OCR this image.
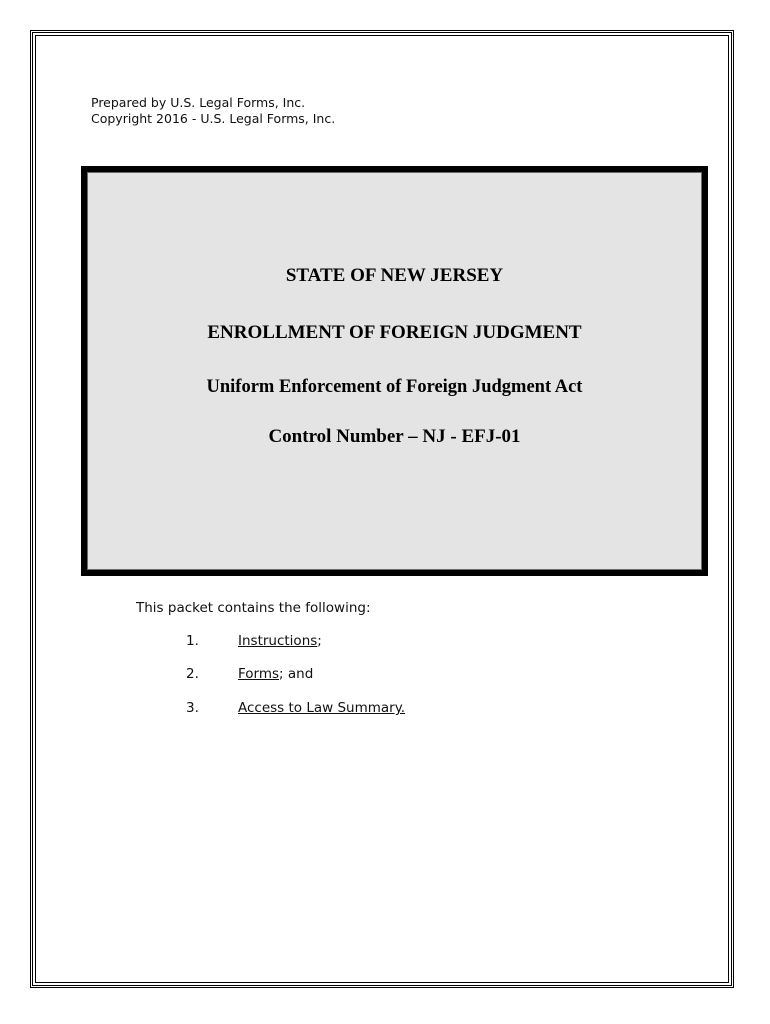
Prepared by U.S. Legal Forms, Inc.
Copyright 2016 - U.S. Legal Forms, Inc.
STATE OF NEW JERSEY
ENROLLMENT OF FOREIGN JUDGMENT
Uniform Enforcement of Foreign Judgment Act
Control Number – NJ - EFJ-01
This packet contains the following:
1.	Instructions;
2.	Forms; and
3.	Access to Law Summary.
